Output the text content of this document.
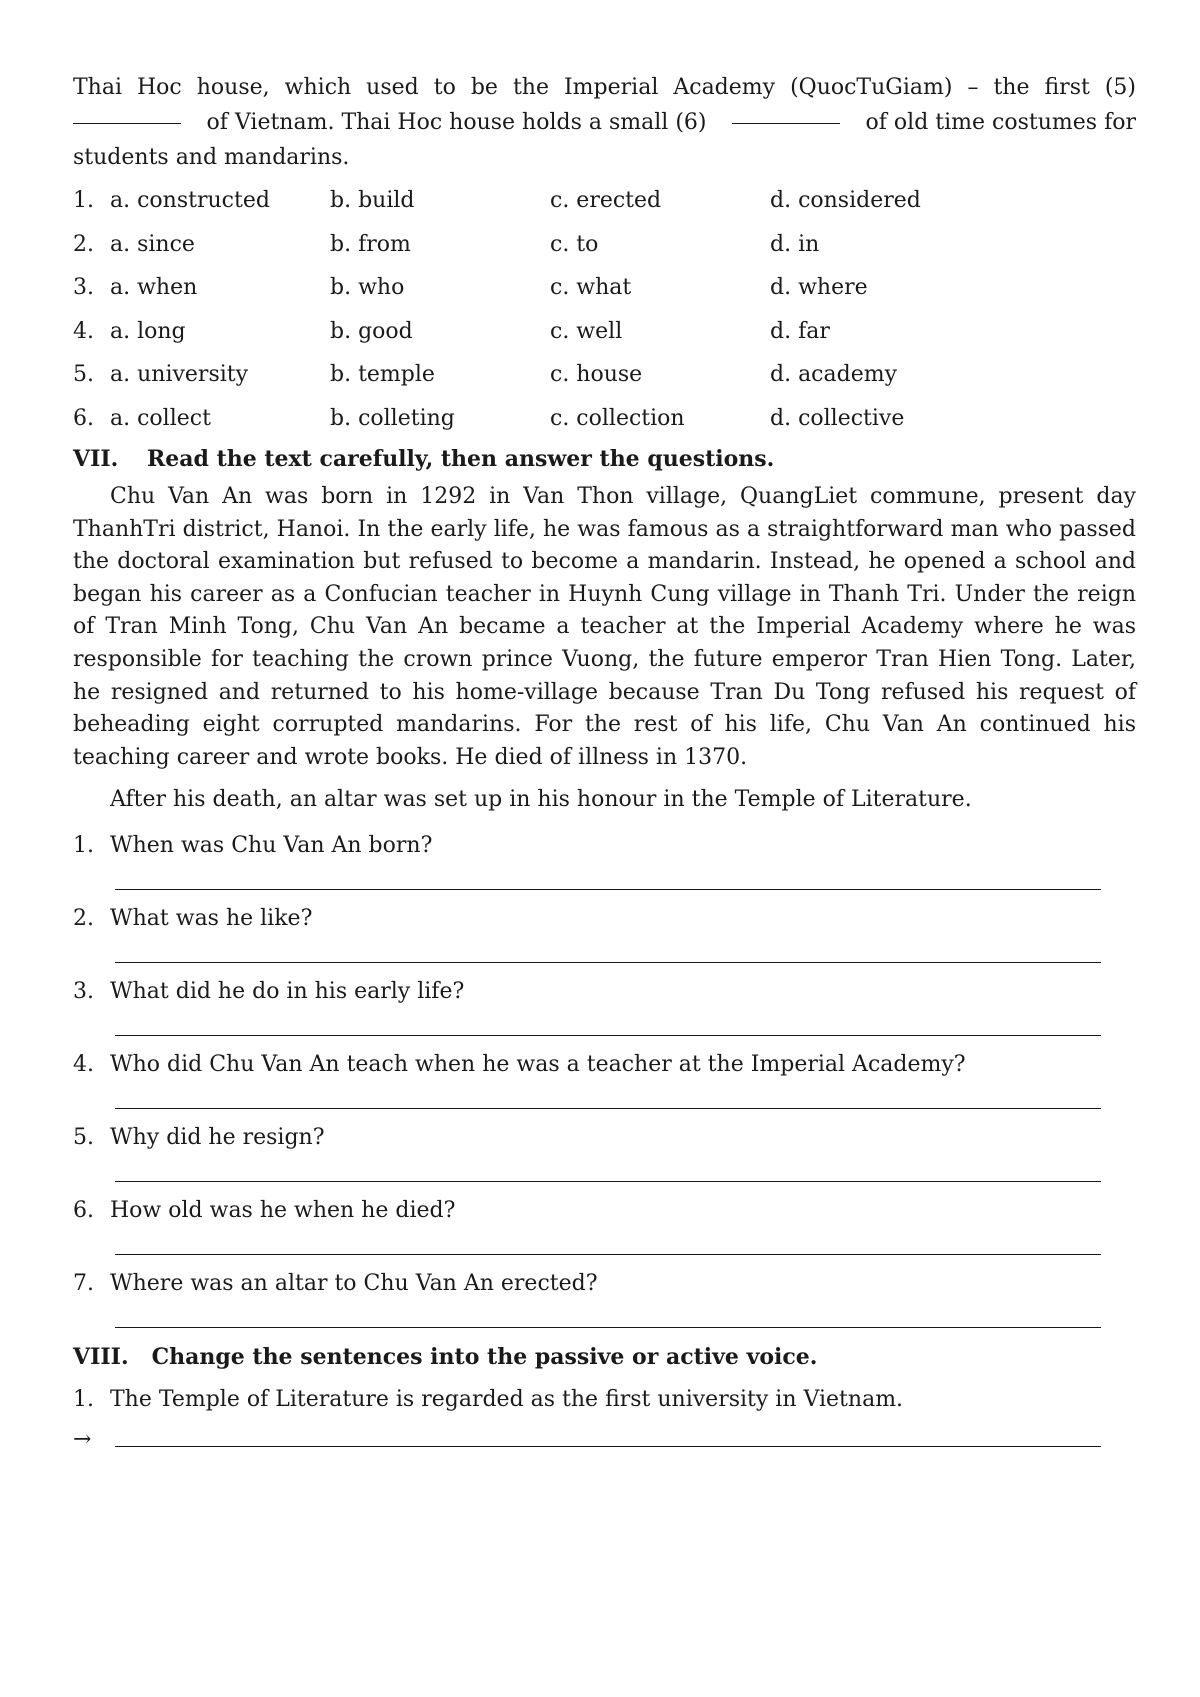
Thai Hoc house, which used to be the Imperial Academy (QuocTuGiam) – the first (5)

of Vietnam. Thai Hoc house holds a small (6)	of old time costumes for

students and mandarins.

1. a. constructed	b. build	c. erected	d. considered
2. a. since	b. from	c. to	d. in
3. a. when	b. who	c. what	d. where
4. a. long	b. good	c. well	d. far
5. a. university	b. temple	c. house	d. academy
6. a. collect	b. colleting	c. collection	d. collective
VII.	Read the text carefully, then answer the questions.

Chu Van An was born in 1292 in Van Thon village, QuangLiet commune, present day ThanhTri district, Hanoi. In the early life, he was famous as a straightforward man who passed the doctoral examination but refused to become a mandarin. Instead, he opened a school and began his career as a Confucian teacher in Huynh Cung village in Thanh Tri. Under the reign of Tran Minh Tong, Chu Van An became a teacher at the Imperial Academy where he was responsible for teaching the crown prince Vuong, the future emperor Tran Hien Tong. Later, he resigned and returned to his home-village because Tran Du Tong refused his request of beheading eight corrupted mandarins. For the rest of his life, Chu Van An continued his teaching career and wrote books. He died of illness in 1370.

After his death, an altar was set up in his honour in the Temple of Literature.

1. When was Chu Van An born?
2. What was he like?
3. What did he do in his early life?
4. Who did Chu Van An teach when he was a teacher at the Imperial Academy?
5. Why did he resign?
6. How old was he when he died?
7. Where was an altar to Chu Van An erected?
VIII. Change the sentences into the passive or active voice.
1. The Temple of Literature is regarded as the first university in Vietnam.
→
